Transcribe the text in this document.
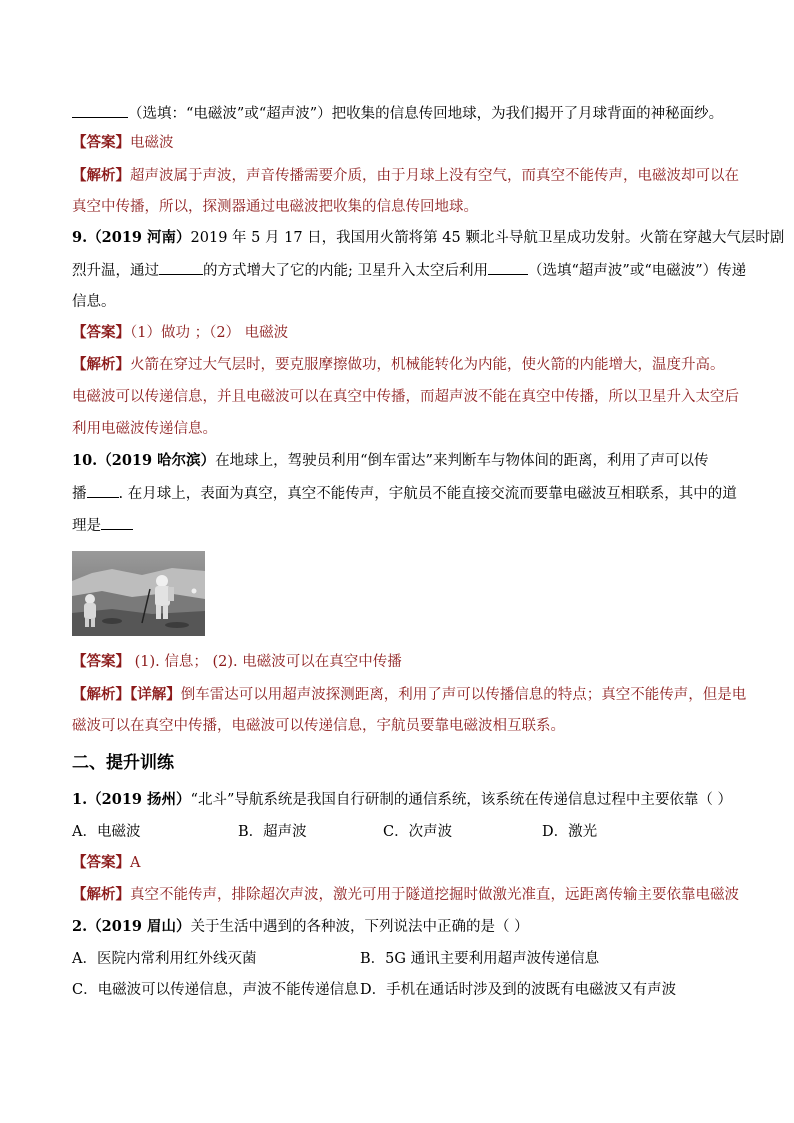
（选填：“电磁波”或“超声波”）把收集的信息传回地球，为我们揭开了月球背面的神秘面纱。
【答案】电磁波
【解析】超声波属于声波，声音传播需要介质，由于月球上没有空气，而真空不能传声，电磁波却可以在
真空中传播，所以，探测器通过电磁波把收集的信息传回地球。
9.（2019 河南）2019 年 5 月 17 日，我国用火箭将第 45 颗北斗导航卫星成功发射。火箭在穿越大气层时剧
烈升温，通过	的方式增大了它的内能; 卫星升入太空后利用	（选填“超声波”或“电磁波”）传递
信息。
【答案】（1）做功 ；（2） 电磁波
【解析】火箭在穿过大气层时，要克服摩擦做功，机械能转化为内能，使火箭的内能增大，温度升高。
电磁波可以传递信息，并且电磁波可以在真空中传播，而超声波不能在真空中传播，所以卫星升入太空后
利用电磁波传递信息。
10.（2019 哈尔滨）在地球上，驾驶员利用“倒车雷达”来判断车与物体间的距离，利用了声可以传
播 . 在月球上，表面为真空，真空不能传声，宇航员不能直接交流而要靠电磁波互相联系，其中的道
理是
【答案】 (1). 信息； (2). 电磁波可以在真空中传播
【解析】【详解】倒车雷达可以用超声波探测距离，利用了声可以传播信息的特点；真空不能传声，但是电
磁波可以在真空中传播，电磁波可以传递信息，宇航员要靠电磁波相互联系。
二、提升训练
1.（2019 扬州）“北斗”导航系统是我国自行研制的通信系统，该系统在传递信息过程中主要依靠（ ）
A．电磁波	B．超声波	C．次声波	D．激光
【答案】A
【解析】真空不能传声，排除超次声波，激光可用于隧道挖掘时做激光准直，远距离传输主要依靠电磁波
2.（2019 眉山）关于生活中遇到的各种波，下列说法中正确的是（ ）
A．医院内常利用红外线灭菌	B．5G 通讯主要利用超声波传递信息
C．电磁波可以传递信息，声波不能传递信息 D．手机在通话时涉及到的波既有电磁波又有声波
